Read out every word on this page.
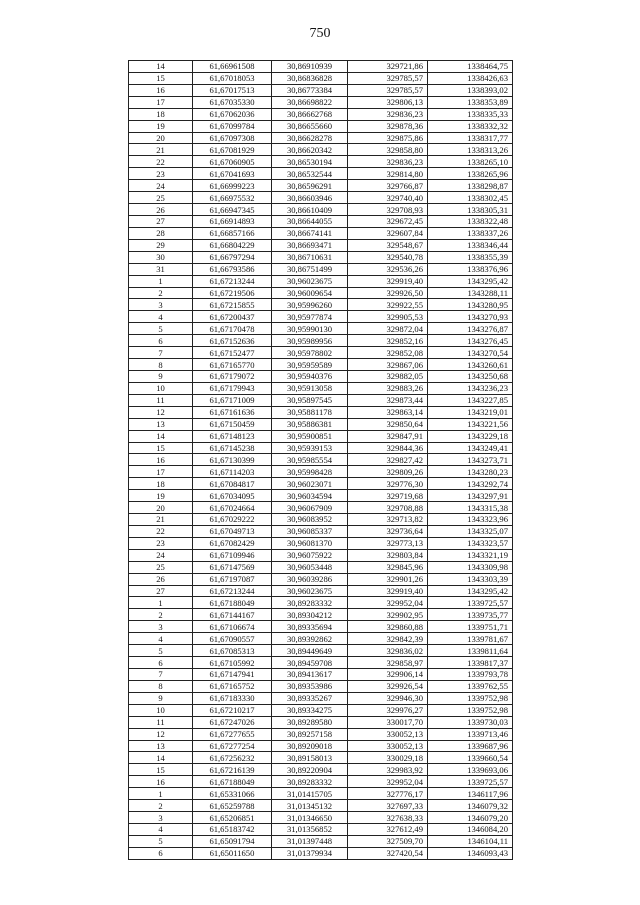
750
14	61,66961508	30,86910939	329721,86	1338464,75
15	61,67018053	30,86836828	329785,57	1338426,63
16	61,67017513	30,86773384	329785,57	1338393,02
17	61,67035330	30,86698822	329806,13	1338353,89
18	61,67062036	30,86662768	329836,23	1338335,33
19	61,67099784	30,86655660	329878,36	1338332,32
20	61,67097308	30,86628278	329875,86	1338317,77
21	61,67081929	30,86620342	329858,80	1338313,26
22	61,67060905	30,86530194	329836,23	1338265,10
23	61,67041693	30,86532544	329814,80	1338265,96
24	61,66999223	30,86596291	329766,87	1338298,87
25	61,66975532	30,86603946	329740,40	1338302,45
26	61,66947345	30,86610409	329708,93	1338305,31
27	61,66914893	30,86644055	329672,45	1338322,48
28	61,66857166	30,86674141	329607,84	1338337,26
29	61,66804229	30,86693471	329548,67	1338346,44
30	61,66797294	30,86710631	329540,78	1338355,39
31	61,66793586	30,86751499	329536,26	1338376,96
1	61,67213244	30,96023675	329919,40	1343295,42
2	61,67219506	30,96009654	329926,50	1343288,11
3	61,67215855	30,95996260	329922,55	1343280,95
4	61,67200437	30,95977874	329905,53	1343270,93
5	61,67170478	30,95990130	329872,04	1343276,87
6	61,67152636	30,95989956	329852,16	1343276,45
7	61,67152477	30,95978802	329852,08	1343270,54
8	61,67165770	30,95959589	329867,06	1343260,61
9	61,67179072	30,95940376	329882,05	1343250,68
10	61,67179943	30,95913058	329883,26	1343236,23
11	61,67171009	30,95897545	329873,44	1343227,85
12	61,67161636	30,95881178	329863,14	1343219,01
13	61,67150459	30,95886381	329850,64	1343221,56
14	61,67148123	30,95900851	329847,91	1343229,18
15	61,67145238	30,95939153	329844,36	1343249,41
16	61,67130399	30,95985554	329827,42	1343273,71
17	61,67114203	30,95998428	329809,26	1343280,23
18	61,67084817	30,96023071	329776,30	1343292,74
19	61,67034095	30,96034594	329719,68	1343297,91
20	61,67024664	30,96067909	329708,88	1343315,38
21	61,67029222	30,96083952	329713,82	1343323,96
22	61,67049713	30,96085337	329736,64	1343325,07
23	61,67082429	30,96081370	329773,13	1343323,57
24	61,67109946	30,96075922	329803,84	1343321,19
25	61,67147569	30,96053448	329845,96	1343309,98
26	61,67197087	30,96039286	329901,26	1343303,39
27	61,67213244	30,96023675	329919,40	1343295,42
1	61,67188049	30,89283332	329952,04	1339725,57
2	61,67144167	30,89304212	329902,95	1339735,77
3	61,67106674	30,89335694	329860,88	1339751,71
4	61,67090557	30,89392862	329842,39	1339781,67
5	61,67085313	30,89449649	329836,02	1339811,64
6	61,67105992	30,89459708	329858,97	1339817,37
7	61,67147941	30,89413617	329906,14	1339793,78
8	61,67165752	30,89353986	329926,54	1339762,55
9	61,67183330	30,89335267	329946,30	1339752,98
10	61,67210217	30,89334275	329976,27	1339752,98
11	61,67247026	30,89289580	330017,70	1339730,03
12	61,67277655	30,89257158	330052,13	1339713,46
13	61,67277254	30,89209018	330052,13	1339687,96
14	61,67256232	30,89158013	330029,18	1339660,54
15	61,67216139	30,89220904	329983,92	1339693,06
16	61,67188049	30,89283332	329952,04	1339725,57
1	61,65331066	31,01415705	327776,17	1346117,96
2	61,65259788	31,01345132	327697,33	1346079,32
3	61,65206851	31,01346650	327638,33	1346079,20
4	61,65183742	31,01356852	327612,49	1346084,20
5	61,65091794	31,01397448	327509,70	1346104,11
6	61,65011650	31,01379934	327420,54	1346093,43
